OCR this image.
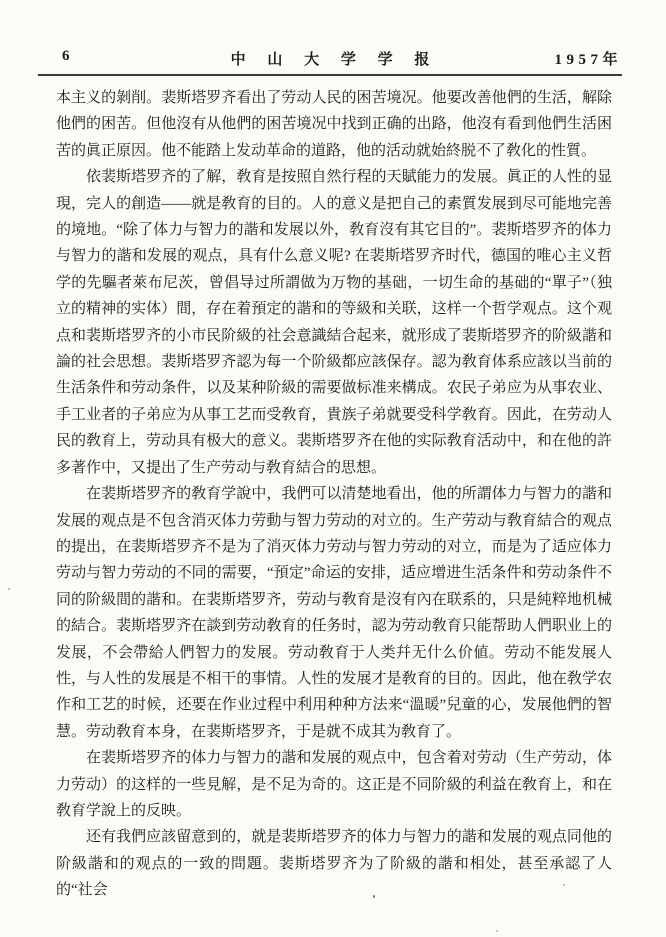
6	中山大学学报	1957年

本主义的剝削。裴斯塔罗齐看出了劳动人民的困苦境况。他要改善他們的生活，解除他們的困苦。但他沒有从他們的困苦境况中找到正确的出路，他沒有看到他們生活困苦的眞正原因。他不能踏上发动革命的道路，他的活动就始終脱不了敎化的性質。

依裴斯塔罗齐的了解，敎育是按照自然行程的天賦能力的发展。眞正的人性的显現，完人的創造——就是敎育的目的。人的意义是把自己的素質发展到尽可能地完善的境地。“除了体力与智力的諧和发展以外，敎育沒有其它目的”。裴斯塔罗齐的体力与智力的諧和发展的观点，具有什么意义呢? 在裴斯塔罗齐时代，德国的唯心主义哲学的先驅者萊布尼茨，曾倡导过所謂做为万物的基础，一切生命的基础的“單子”（独立的精神的实体）間，存在着預定的諧和的等級和关联，这样一个哲学观点。这个观点和裴斯塔罗齐的小市民阶級的社会意識結合起来，就形成了裴斯塔罗齐的阶級諧和論的社会思想。裴斯塔罗齐認为每一个阶級都应該保存。認为敎育体系应該以当前的生活条件和劳动条件，以及某种阶級的需要做标准来構成。农民子弟应为从事农业、手工业者的子弟应为从事工艺而受敎育，貴族子弟就要受科学敎育。因此，在劳动人民的敎育上，劳动具有极大的意义。裴斯塔罗齐在他的实际敎育活动中，和在他的許多著作中，又提出了生产劳动与敎育結合的思想。

在裴斯塔罗齐的敎育学說中，我們可以清楚地看出，他的所謂体力与智力的諧和发展的观点是不包含消灭体力劳動与智力劳动的对立的。生产劳动与敎育結合的观点的提出，在裴斯塔罗齐不是为了消灭体力劳动与智力劳动的对立，而是为了适应体力劳动与智力劳动的不同的需要，“預定”命运的安排，适应增进生活条件和劳动条件不同的阶級間的諧和。在裴斯塔罗齐，劳动与敎育是沒有內在联系的，只是純粹地机械的結合。裴斯塔罗齐在談到劳动敎育的任务时，認为劳动敎育只能帮助人們职业上的发展，不会帶給人們智力的发展。劳动敎育于人类幷无什么价値。劳动不能发展人性，与人性的发展是不相干的事情。人性的发展才是敎育的目的。因此，他在敎学农作和工艺的时候，还要在作业过程中利用种种方法来“溫暖”兒童的心，发展他們的智慧。劳动敎育本身，在裴斯塔罗齐，于是就不成其为敎育了。

在裴斯塔罗齐的体力与智力的諧和发展的观点中，包含着对劳动（生产劳动，体力劳动）的这样的一些見解，是不足为奇的。这正是不同阶級的利益在敎育上，和在敎育学說上的反映。

还有我們应該留意到的，就是裴斯塔罗齐的体力与智力的諧和发展的观点同他的阶級諧和的观点的一致的問題。裴斯塔罗齐为了阶級的諧和相处，甚至承認了人的“社会
